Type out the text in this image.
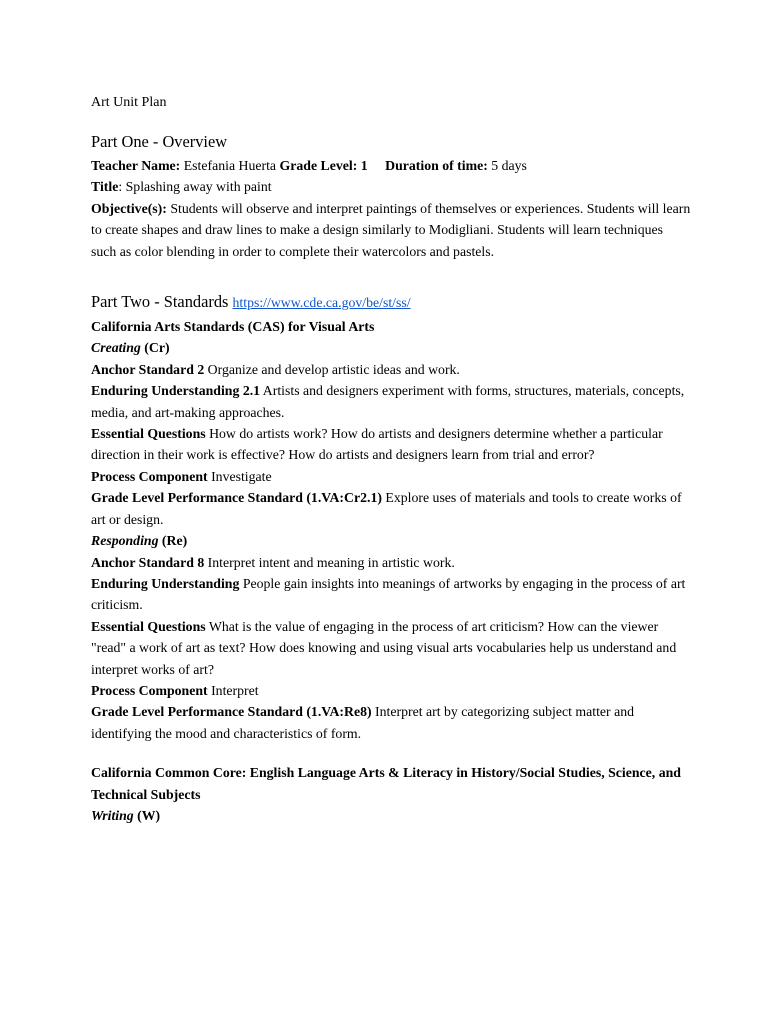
Art Unit Plan
Part One - Overview

Teacher Name: Estefania Huerta Grade Level: 1 Duration of time: 5 days

Title: Splashing away with paint

Objective(s): Students will observe and interpret paintings of themselves or experiences. Students will learn to create shapes and draw lines to make a design similarly to Modigliani. Students will learn techniques such as color blending in order to complete their watercolors and pastels.

Part Two - Standards https://www.cde.ca.gov/be/st/ss/

California Arts Standards (CAS) for Visual Arts

Creating (Cr)

Anchor Standard 2 Organize and develop artistic ideas and work.

Enduring Understanding 2.1 Artists and designers experiment with forms, structures, materials, concepts, media, and art-making approaches.

Essential Questions How do artists work? How do artists and designers determine whether a particular direction in their work is effective? How do artists and designers learn from trial and error?

Process Component Investigate

Grade Level Performance Standard (1.VA:Cr2.1) Explore uses of materials and tools to create works of art or design.

Responding (Re)

Anchor Standard 8 Interpret intent and meaning in artistic work.

Enduring Understanding People gain insights into meanings of artworks by engaging in the process of art criticism.

Essential Questions What is the value of engaging in the process of art criticism? How can the viewer "read" a work of art as text? How does knowing and using visual arts vocabularies help us understand and interpret works of art?

Process Component Interpret

Grade Level Performance Standard (1.VA:Re8) Interpret art by categorizing subject matter and identifying the mood and characteristics of form.

California Common Core: English Language Arts & Literacy in History/Social Studies, Science, and Technical Subjects

Writing (W)
